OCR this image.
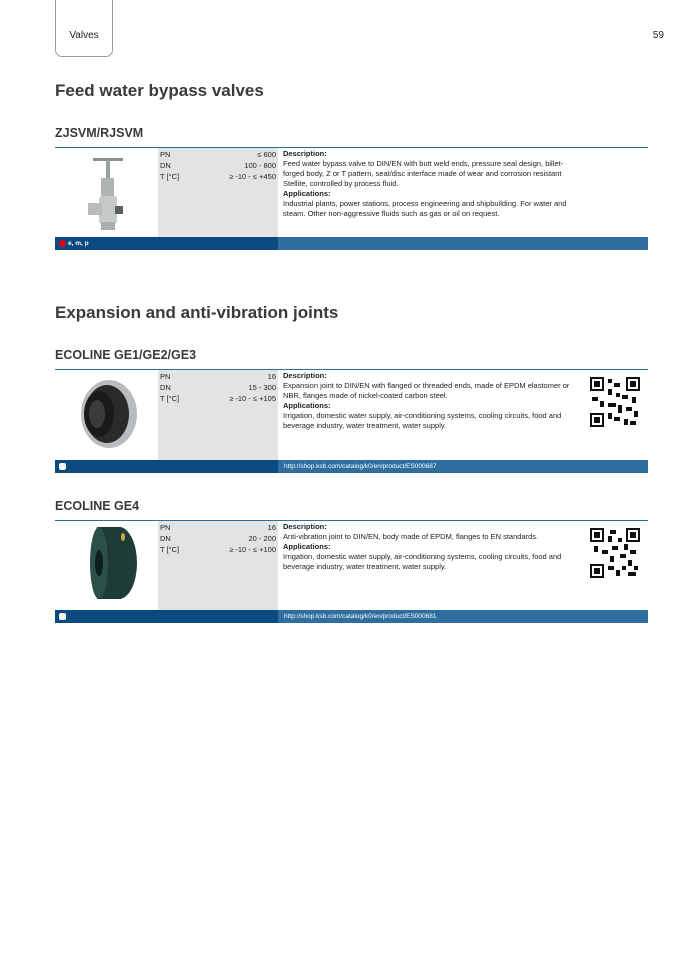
Valves	59
Feed water bypass valves
ZJSVM/RJSVM
PN	≤ 600
DN	100 - 800
T [°C]	≥ -10 - ≤ +450
Description:
Feed water bypass valve to DIN/EN with butt weld ends, pressure seal design, billet-forged body, Z or T pattern, seat/disc interface made of wear and corrosion resistant Stellite, controlled by process fluid.
Applications:
Industrial plants, power stations, process engineering and shipbuilding. For water and steam. Other non-aggressive fluids such as gas or oil on request.
e, m, p
Expansion and anti-vibration joints
ECOLINE GE1/GE2/GE3
PN	16
DN	15 - 300
T [°C]	≥ -10 - ≤ +105
Description:
Expansion joint to DIN/EN with flanged or threaded ends, made of EPDM elastomer or NBR, flanges made of nickel-coated carbon steel.
Applications:
Irrigation, domestic water supply, air-conditioning systems, cooling circuits, food and beverage industry, water treatment, water supply.
http://shop.ksb.com/catalog/k0/en/product/ES000687
ECOLINE GE4
PN	16
DN	20 - 200
T [°C]	≥ -10 - ≤ +100
Description:
Anti-vibration joint to DIN/EN, body made of EPDM, flanges to EN standards.
Applications:
Irrigation, domestic water supply, air-conditioning systems, cooling circuits, food and beverage industry, water treatment, water supply.
http://shop.ksb.com/catalog/k0/en/product/ES000681
